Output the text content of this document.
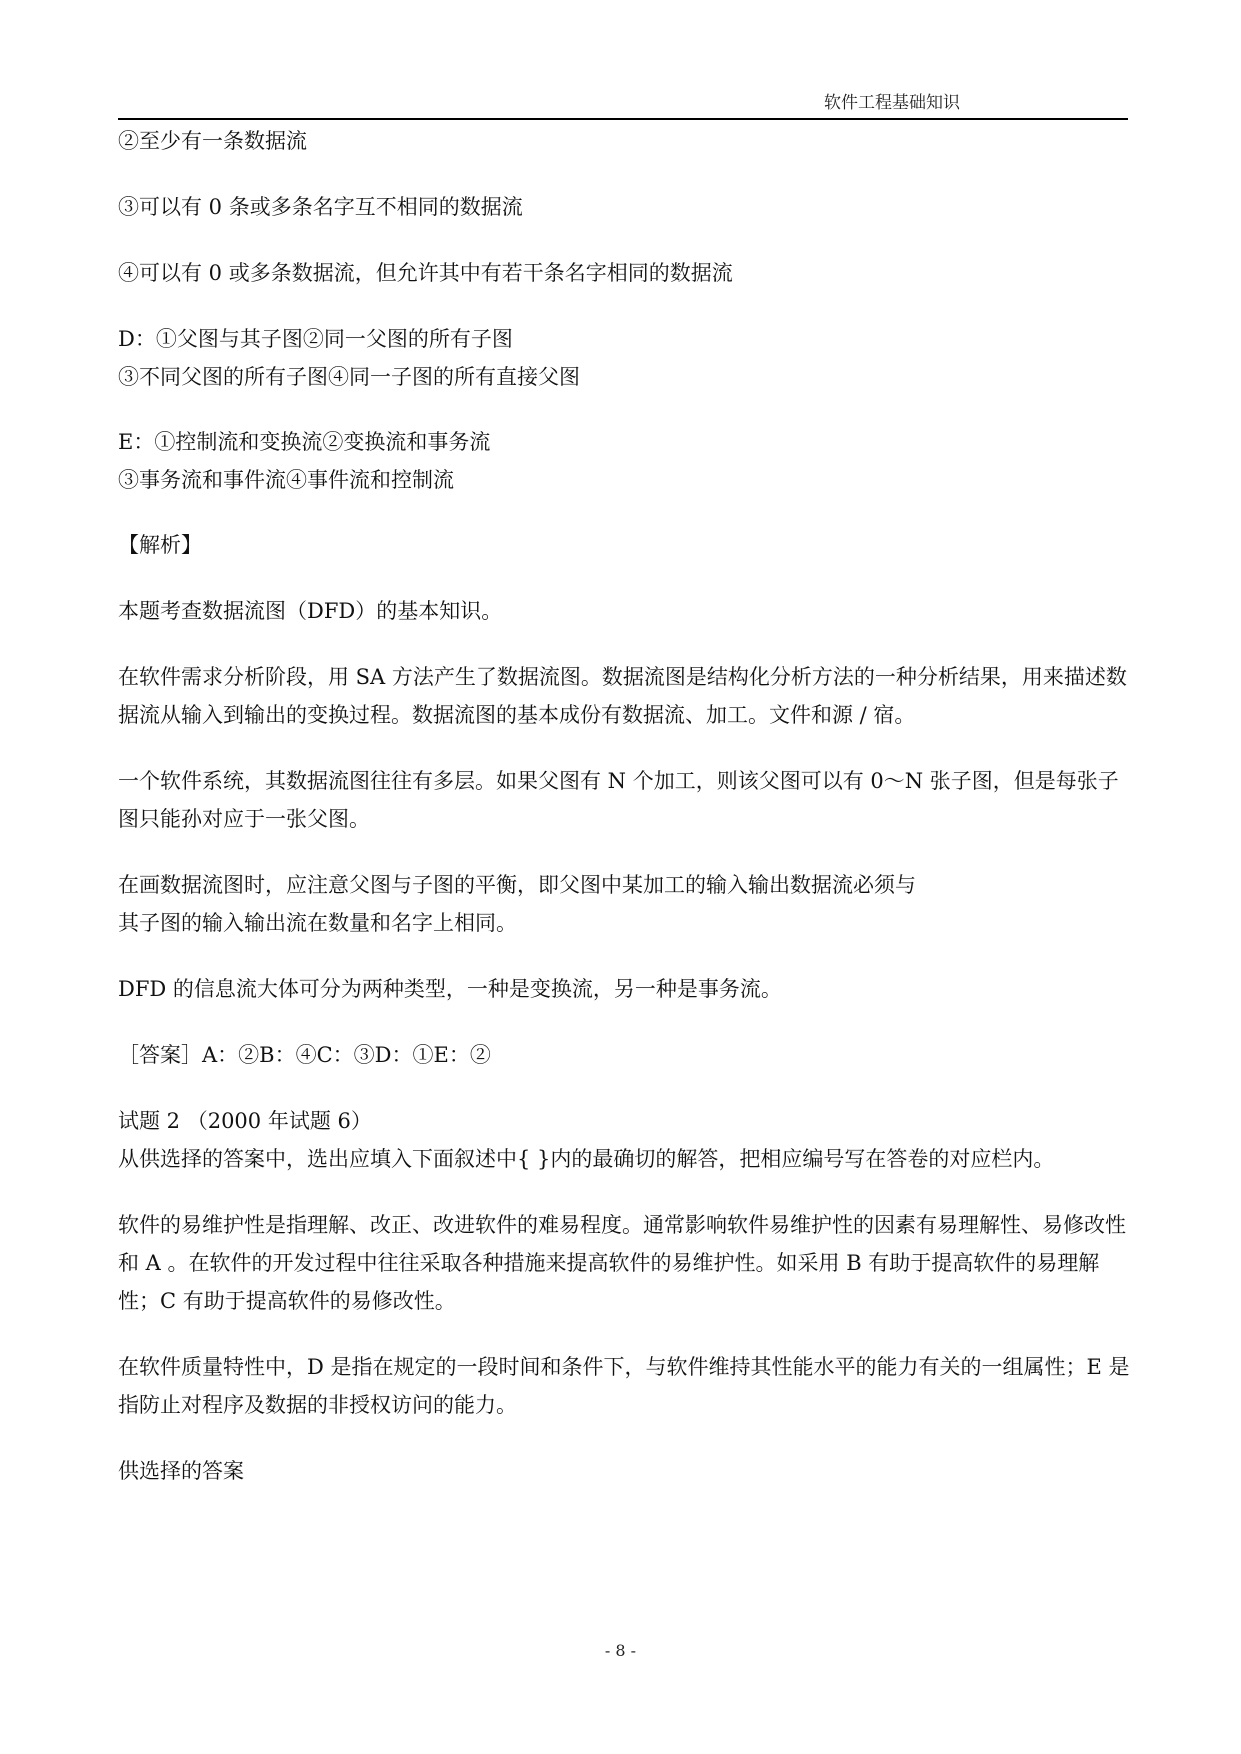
软件工程基础知识

②至少有一条数据流

③可以有 0 条或多条名字互不相同的数据流

④可以有 0 或多条数据流，但允许其中有若干条名字相同的数据流

D：①父图与其子图②同一父图的所有子图

③不同父图的所有子图④同一子图的所有直接父图

E：①控制流和变换流②变换流和事务流

③事务流和事件流④事件流和控制流

【解析】

本题考查数据流图（DFD）的基本知识。

在软件需求分析阶段，用 SA 方法产生了数据流图。数据流图是结构化分析方法的一种分析结果，用来描述数据流从输入到输出的变换过程。数据流图的基本成份有数据流、加工。文件和源 / 宿。

一个软件系统，其数据流图往往有多层。如果父图有 N 个加工，则该父图可以有 0～N 张子图，但是每张子图只能孙对应于一张父图。

在画数据流图时，应注意父图与子图的平衡，即父图中某加工的输入输出数据流必须与

其子图的输入输出流在数量和名字上相同。

DFD 的信息流大体可分为两种类型，一种是变换流，另一种是事务流。

［答案］A：②B：④C：③D：①E：②

试题 2 （2000 年试题 6）

从供选择的答案中，选出应填入下面叙述中{ }内的最确切的解答，把相应编号写在答卷的对应栏内。

软件的易维护性是指理解、改正、改进软件的难易程度。通常影响软件易维护性的因素有易理解性、易修改性和 A 。在软件的开发过程中往往采取各种措施来提高软件的易维护性。如采用 B 有助于提高软件的易理解性；C 有助于提高软件的易修改性。

在软件质量特性中，D 是指在规定的一段时间和条件下，与软件维持其性能水平的能力有关的一组属性；E 是指防止对程序及数据的非授权访问的能力。

供选择的答案

- 8 -
